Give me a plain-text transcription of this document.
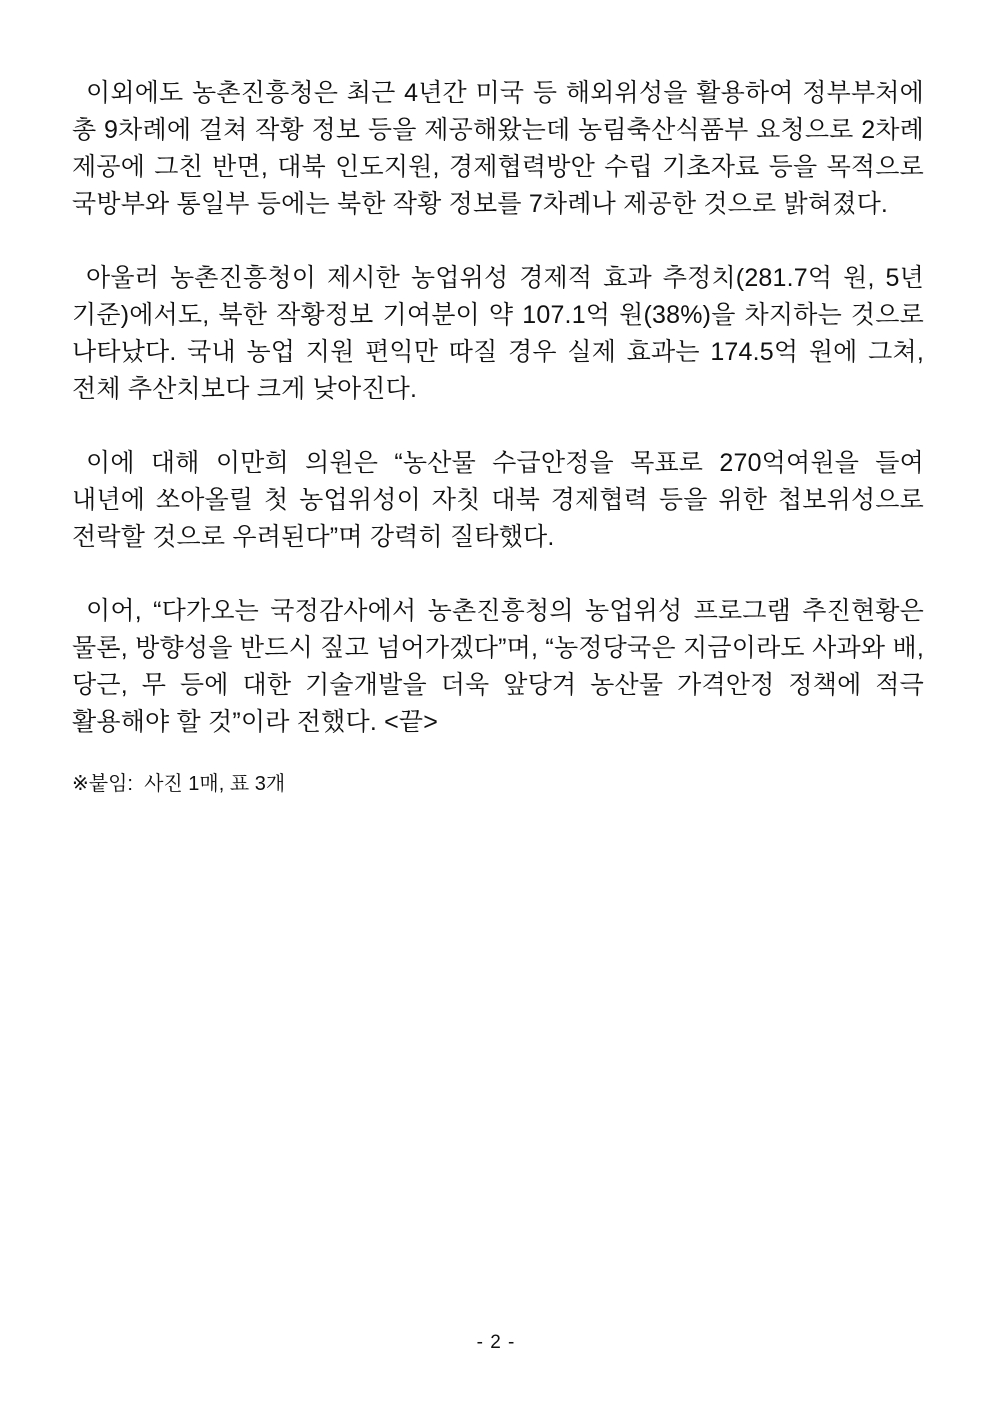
이외에도 농촌진흥청은 최근 4년간 미국 등 해외위성을 활용하여 정부부처에 총 9차례에 걸쳐 작황 정보 등을 제공해왔는데 농림축산식품부 요청으로 2차례 제공에 그친 반면, 대북 인도지원, 경제협력방안 수립 기초자료 등을 목적으로 국방부와 통일부 등에는 북한 작황 정보를 7차례나 제공한 것으로 밝혀졌다.

아울러 농촌진흥청이 제시한 농업위성 경제적 효과 추정치(281.7억 원, 5년 기준)에서도, 북한 작황정보 기여분이 약 107.1억 원(38%)을 차지하는 것으로 나타났다. 국내 농업 지원 편익만 따질 경우 실제 효과는 174.5억 원에 그쳐, 전체 추산치보다 크게 낮아진다.

이에 대해 이만희 의원은 “농산물 수급안정을 목표로 270억여원을 들여 내년에 쏘아올릴 첫 농업위성이 자칫 대북 경제협력 등을 위한 첩보위성으로 전락할 것으로 우려된다”며 강력히 질타했다.

이어, “다가오는 국정감사에서 농촌진흥청의 농업위성 프로그램 추진현황은 물론, 방향성을 반드시 짚고 넘어가겠다”며, “농정당국은 지금이라도 사과와 배, 당근, 무 등에 대한 기술개발을 더욱 앞당겨 농산물 가격안정 정책에 적극 활용해야 할 것”이라 전했다. <끝>

※붙임:  사진 1매, 표 3개
- 2 -
